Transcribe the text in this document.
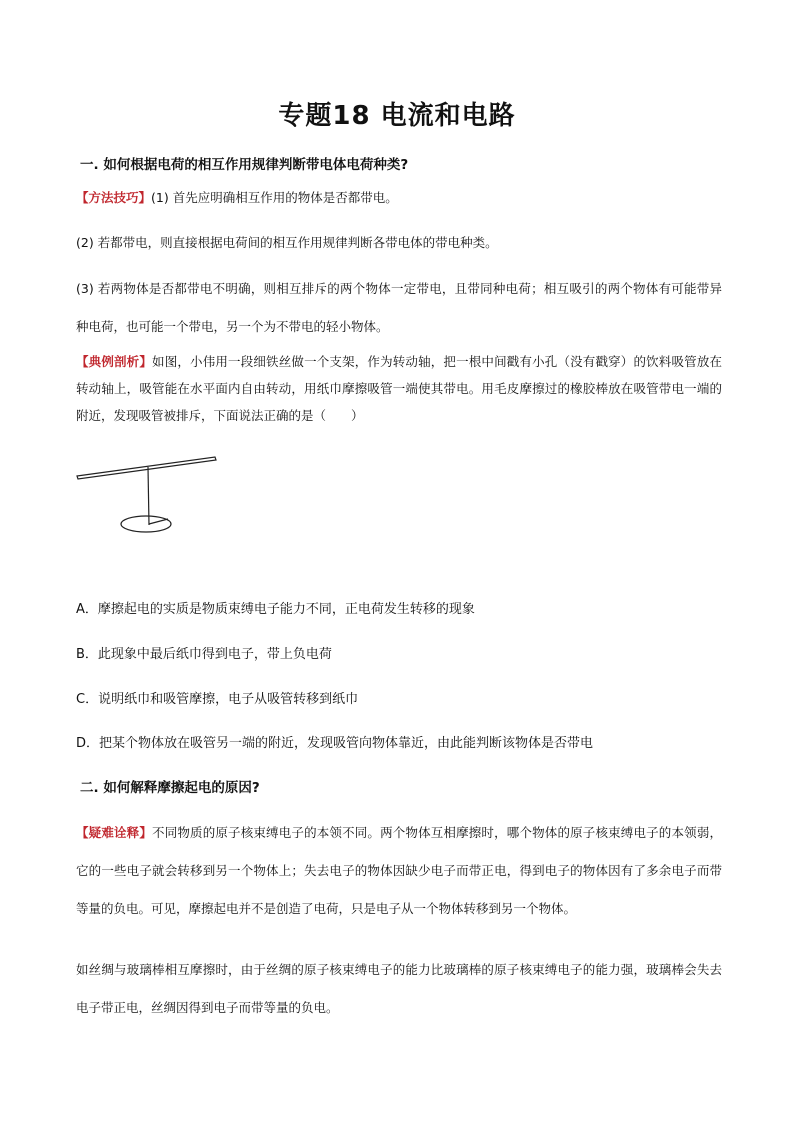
专题18 电流和电路
一. 如何根据电荷的相互作用规律判断带电体电荷种类?
【方法技巧】(1) 首先应明确相互作用的物体是否都带电。
(2) 若都带电，则直接根据电荷间的相互作用规律判断各带电体的带电种类。
(3) 若两物体是否都带电不明确，则相互排斥的两个物体一定带电，且带同种电荷；相互吸引的两个物体有可能带异种电荷，也可能一个带电，另一个为不带电的轻小物体。
【典例剖析】如图，小伟用一段细铁丝做一个支架，作为转动轴，把一根中间戳有小孔（没有戳穿）的饮料吸管放在转动轴上，吸管能在水平面内自由转动，用纸巾摩擦吸管一端使其带电。用毛皮摩擦过的橡胶棒放在吸管带电一端的附近，发现吸管被排斥，下面说法正确的是（　　）
A．摩擦起电的实质是物质束缚电子能力不同，正电荷发生转移的现象
B．此现象中最后纸巾得到电子，带上负电荷
C．说明纸巾和吸管摩擦，电子从吸管转移到纸巾
D．把某个物体放在吸管另一端的附近，发现吸管向物体靠近，由此能判断该物体是否带电
二. 如何解释摩擦起电的原因?
【疑难诠释】不同物质的原子核束缚电子的本领不同。两个物体互相摩擦时，哪个物体的原子核束缚电子的本领弱，它的一些电子就会转移到另一个物体上；失去电子的物体因缺少电子而带正电，得到电子的物体因有了多余电子而带等量的负电。可见，摩擦起电并不是创造了电荷，只是电子从一个物体转移到另一个物体。
如丝绸与玻璃棒相互摩擦时，由于丝绸的原子核束缚电子的能力比玻璃棒的原子核束缚电子的能力强，玻璃棒会失去电子带正电，丝绸因得到电子而带等量的负电。
